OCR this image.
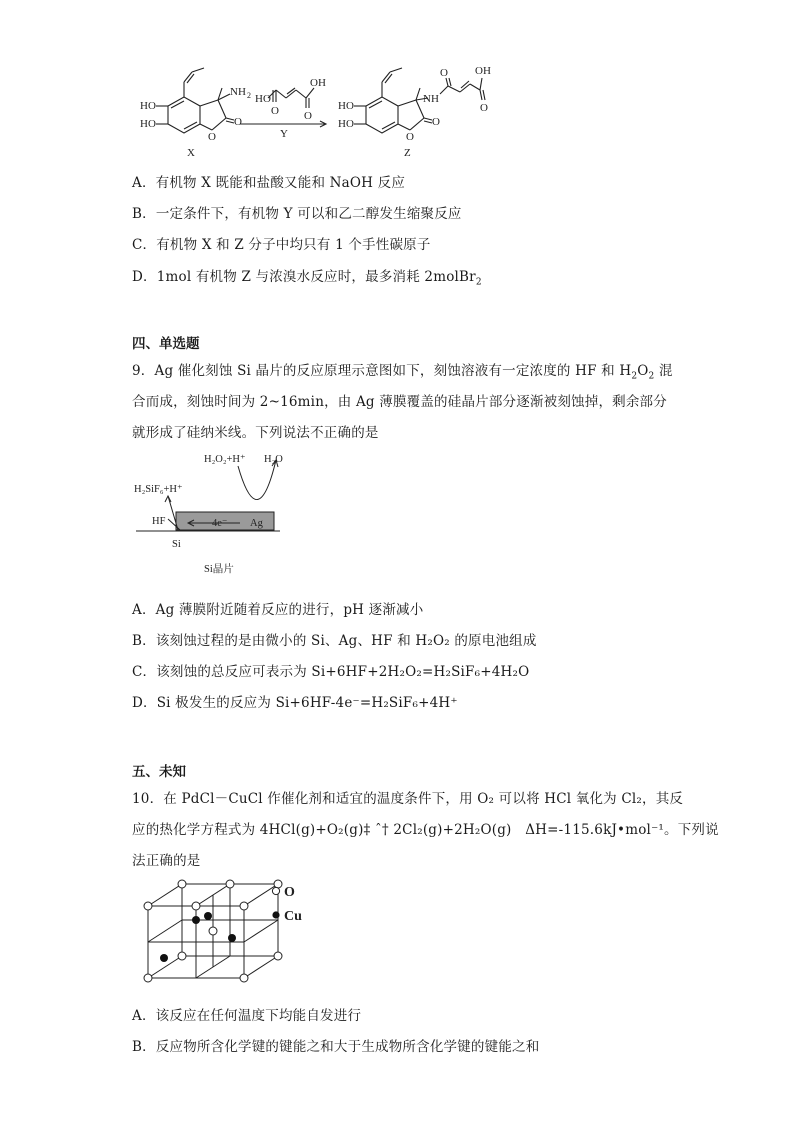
HO
HO
NH 2
O
O
X
HO
OH
O O
Y
HO
HO
NH
O OH
O
O
O
Z
A．有机物 X 既能和盐酸又能和 NaOH 反应
B．一定条件下，有机物 Y 可以和乙二醇发生缩聚反应
C．有机物 X 和 Z 分子中均只有 1 个手性碳原子
D．1mol 有机物 Z 与浓溴水反应时，最多消耗 2molBr$_2$
四、单选题
9．Ag 催化刻蚀 Si 晶片的反应原理示意图如下，刻蚀溶液有一定浓度的 HF 和 $H_2O_2$ 混
合而成，刻蚀时间为 2~16min，由 Ag 薄膜覆盖的硅晶片部分逐渐被刻蚀掉，剩余部分
就形成了硅纳米线。下列说法不正确的是
H₂O₂+H⁺ H₂O
H₂SiF₆+H⁺
HF	4e⁻ Ag
Si
Si晶片
A．Ag 薄膜附近随着反应的进行，pH 逐渐减小
B．该刻蚀过程的是由微小的 Si、Ag、HF 和 H₂O₂ 的原电池组成
C．该刻蚀的总反应可表示为 Si+6HF+2H₂O₂=H₂SiF₆+4H₂O
D．Si 极发生的反应为 Si+6HF-4e⁻=H₂SiF₆+4H⁺
五、未知
10．在 PdCl－CuCl 作催化剂和适宜的温度条件下，用 O₂ 可以将 HCl 氧化为 Cl₂，其反
应的热化学方程式为 4HCl(g)+O₂(g)‡ ˆ† 2Cl₂(g)+2H₂O(g)　ΔH=-115.6kJ•mol⁻¹。下列说
法正确的是
O
Cu
A．该反应在任何温度下均能自发进行
B．反应物所含化学键的键能之和大于生成物所含化学键的键能之和
